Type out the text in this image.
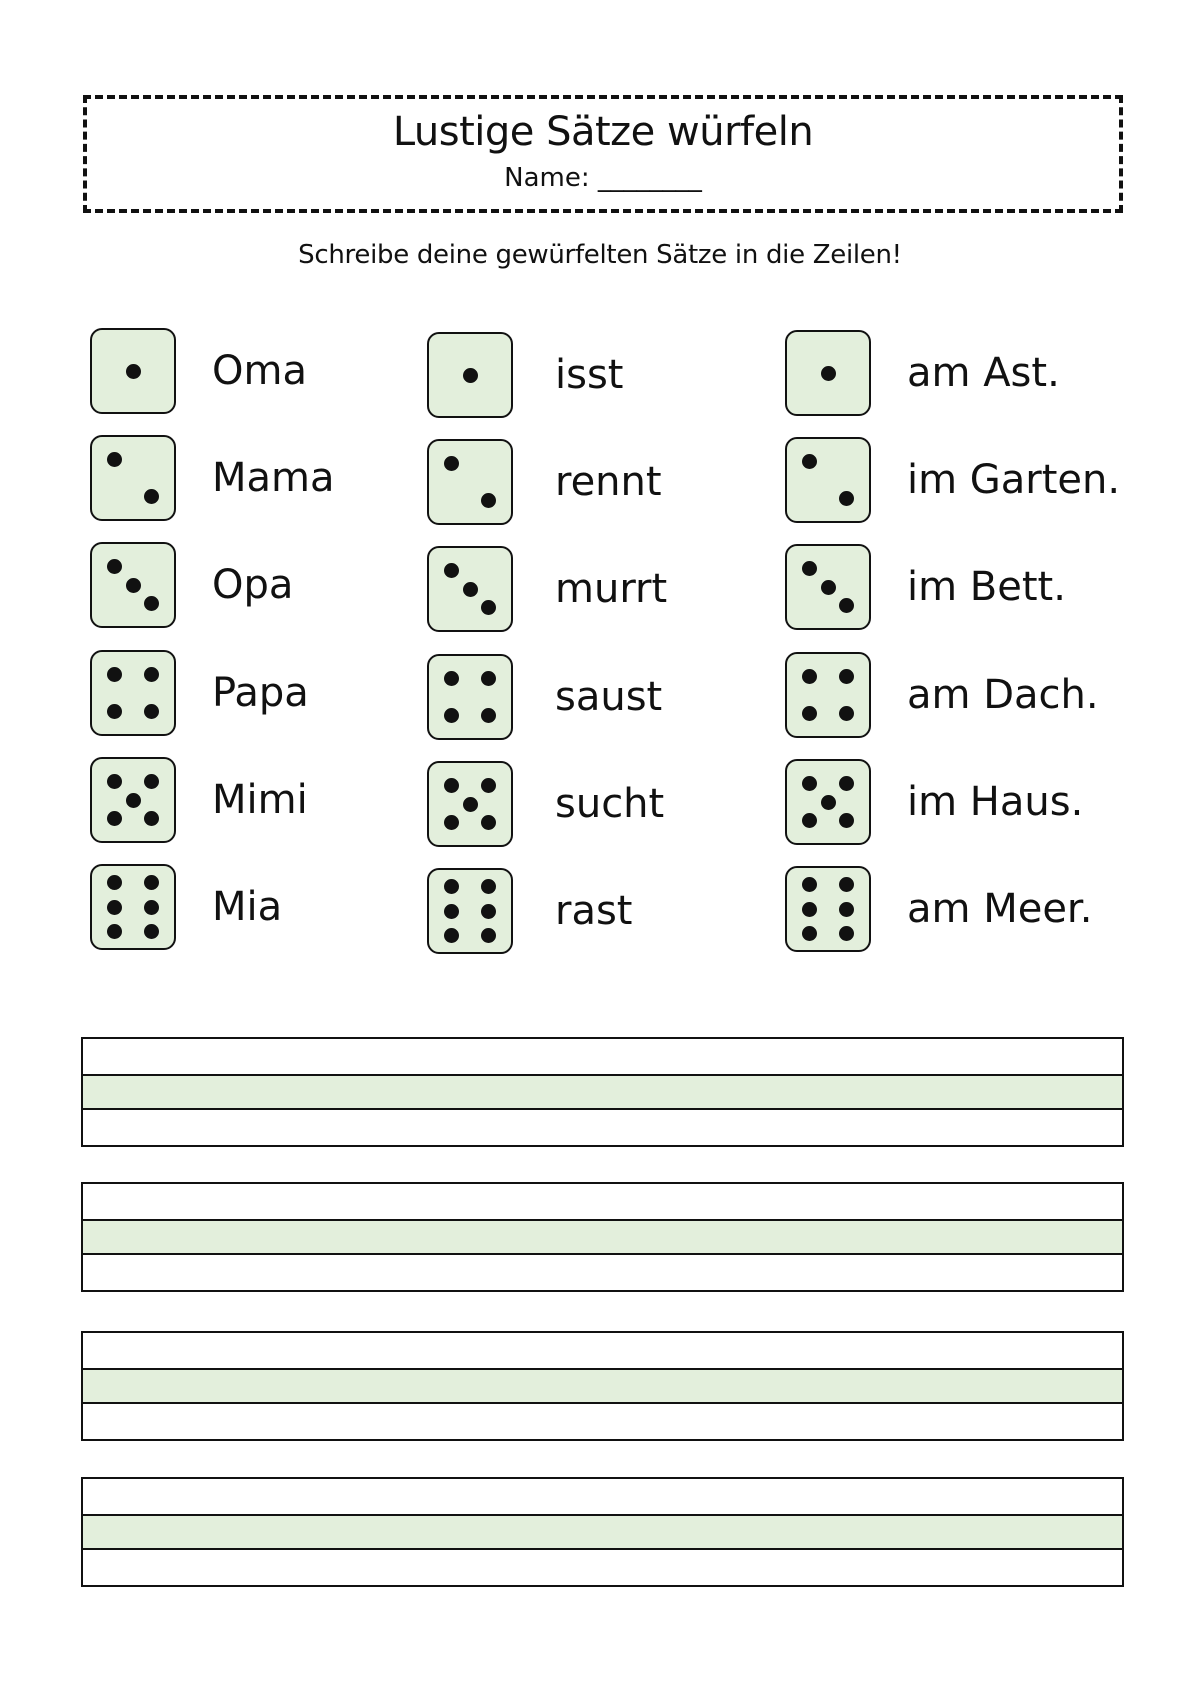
Lustige Sätze würfeln
Name: ________
Schreibe deine gewürfelten Sätze in die Zeilen!
Oma
Mama
Opa
Papa
Mimi
Mia
isst
rennt
murrt
saust
sucht
rast
am Ast.
im Garten.
im Bett.
am Dach.
im Haus.
am Meer.
